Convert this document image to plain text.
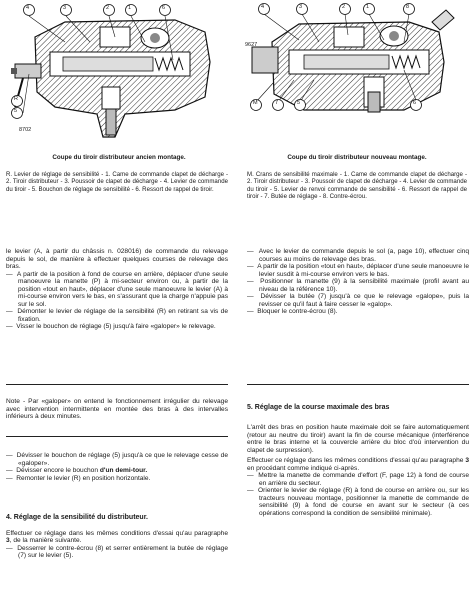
4	3	2	1	6
R
5
8702
Coupe du tiroir distributeur ancien montage.
R. Levier de réglage de sensibilité - 1. Came de commande clapet de décharge - 2. Tiroir distributeur - 3. Poussoir de clapet de décharge - 4. Levier de commande du tiroir - 5. Bouchon de réglage de sensibilité - 6. Ressort de rappel de tiroir.
4	3	2	1	8
M	7	5	6
9627
Coupe du tiroir distributeur nouveau montage.
M. Crans de sensibilité maximale - 1. Came de commande clapet de décharge - 2. Tiroir distributeur - 3. Poussoir de clapet de décharge - 4. Levier de commande du tiroir - 5. Levier de renvoi commande de sensibilité - 6. Ressort de rappel de tiroir - 7. Butée de réglage - 8. Contre-écrou.

le levier (A, à partir du châssis n. 028016) de commande du relevage depuis le sol, de manière à effectuer quelques courses de relevage des bras.

—  A partir de la position à fond de course en arrière, déplacer d'une seule manoeuvre la manette (P) à mi-secteur environ ou, à partir de la position «tout en haut», déplacer d'une seule manoeuvre le levier (A) à mi-course environ vers le bas, en s'assurant que la charge n'appuie pas sur le sol.

—  Démonter le levier de réglage de la sensibilité (R) en retirant sa vis de fixation.

—  Visser le bouchon de réglage (5) jusqu'à faire «galoper» le relevage.

Note - Par «galoper» on entend le fonctionnement irrégulier du relevage avec intervention intermittente en montée des bras à des intervalles inférieurs à deux minutes.

—  Dévisser le bouchon de réglage (5) jusqu'à ce que le relevage cesse de «galoper».

—  Dévisser encore le bouchon d'un demi-tour.

—  Remonter le levier (R) en position horizontale.

4. Réglage de la sensibilité du distributeur.

Effectuer ce réglage dans les mêmes conditions d'essai qu'au paragraphe 3, de la manière suivante.

—  Desserrer le contre-écrou (8) et serrer entièrement la butée de réglage (7) sur le levier (5).

—  Avec le levier de commande depuis le sol (a, page 10), effectuer cinq courses au moins de relevage des bras.

—  A partir de la position «tout en haut», déplacer d'une seule manoeuvre le levier susdit à mi-course environ vers le bas.

—  Positionner la manette (9) à la sensibilité maximale (profil avant au niveau de la référence 10).

—  Dévisser la butée (7) jusqu'à ce que le relevage «galope», puis la revisser ce qu'il faut à faire cesser le «galop».

—  Bloquer le contre-écrou (8).

5. Réglage de la course maximale des bras

L'arrêt des bras en position haute maximale doit se faire automatiquement (retour au neutre du tiroir) avant la fin de course mécanique (interférence entre le bras interne et la couvercle arrière du bloc d'où intervention du clapet de surpression).

Effectuer ce réglage dans les mêmes conditions d'essai qu'au paragraphe 3 en procédant comme indiqué ci-après.

—  Mettre la manette de commande d'effort (F, page 12) à fond de course en arrière du secteur.

—  Orienter le levier de réglage (R) à fond de course en arrière ou, sur les tracteurs nouveau montage, positionner la manette de commande de sensibilité (9) à fond de course en avant sur le secteur (à ces opérations correspond la condition de sensibilité minimale).
